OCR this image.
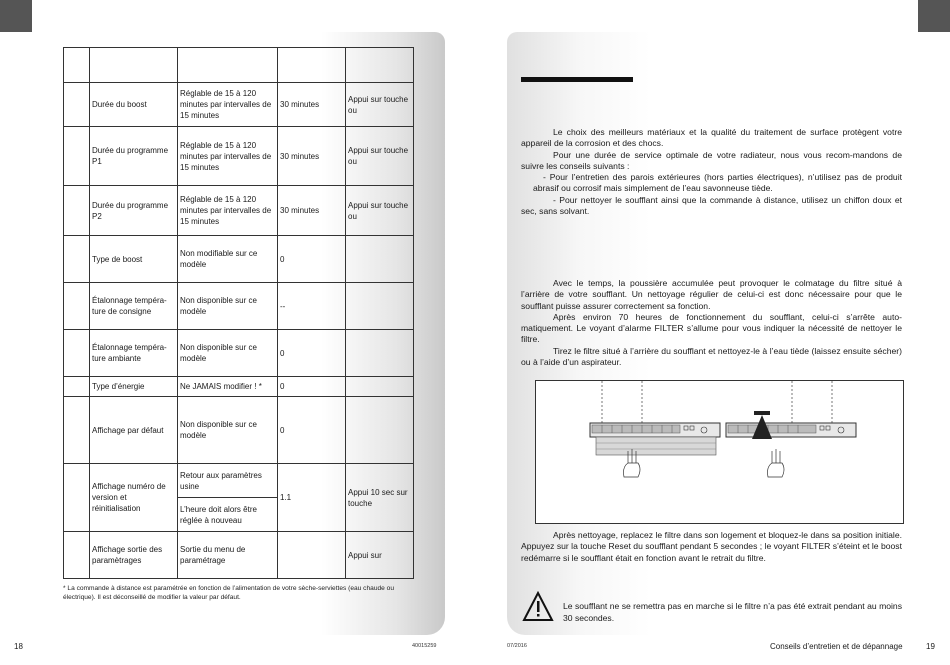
	Durée du boost	Réglable de 15 à 120 minutes par intervalles de 15 minutes	30 minutes	Appui sur touche ou
	Durée du programme P1	Réglable de 15 à 120 minutes par intervalles de 15 minutes	30 minutes	Appui sur touche ou
	Durée du programme P2	Réglable de 15 à 120 minutes par intervalles de 15 minutes	30 minutes	Appui sur touche ou
	Type de boost	Non modifiable sur ce modèle	0	
	Étalonnage tempéra-ture de consigne	Non disponible sur ce modèle	--	
	Étalonnage tempéra-ture ambiante	Non disponible sur ce modèle	0	
	Type d’énergie	Ne JAMAIS modifier ! *	0	
	Affichage par défaut	Non disponible sur ce modèle	0	
	Affichage numéro de version et réinitialisation	Retour aux paramètres usine	1.1	Appui 10 sec sur touche
		L’heure doit alors être réglée à nouveau		
	Affichage sortie des paramètrages	Sortie du menu de paramétrage		Appui sur
* La commande à distance est paramétrée en fonction de l’alimentation de votre sèche-serviettes (eau chaude ou électrique). Il est déconseillé de modifier la valeur par défaut.
18	40015259	07/2016	Conseils d’entretien et de dépannage	19

Le choix des meilleurs matériaux et la qualité du traitement de surface protègent votre appareil de la corrosion et des chocs.

Pour une durée de service optimale de votre radiateur, nous vous recom-mandons de suivre les conseils suivants :

- Pour l’entretien des parois extérieures (hors parties électriques), n’utilisez pas de produit abrasif ou corrosif mais simplement de l’eau savonneuse tiède.

- Pour nettoyer le soufflant ainsi que la commande à distance, utilisez un chiffon doux et sec, sans solvant.

Avec le temps, la poussière accumulée peut provoquer le colmatage du filtre situé à l’arrière de votre soufflant. Un nettoyage régulier de celui-ci est donc nécessaire pour que le soufflant puisse assurer correctement sa fonction.

Après environ 70 heures de fonctionnement du soufflant, celui-ci s’arrête auto-matiquement. Le voyant d’alarme FILTER s’allume pour vous indiquer la nécessité de nettoyer le filtre.

Tirez le filtre situé à l’arrière du soufflant et nettoyez-le à l’eau tiède (laissez ensuite sécher) ou à l’aide d’un aspirateur.

Après nettoyage, replacez le filtre dans son logement et bloquez-le dans sa position initiale. Appuyez sur la touche Reset du soufflant pendant 5 secondes ; le voyant FILTER s’éteint et le boost redémarre si le soufflant était en fonction avant le retrait du filtre.

Le soufflant ne se remettra pas en marche si le filtre n’a pas été extrait pendant au moins 30 secondes.
